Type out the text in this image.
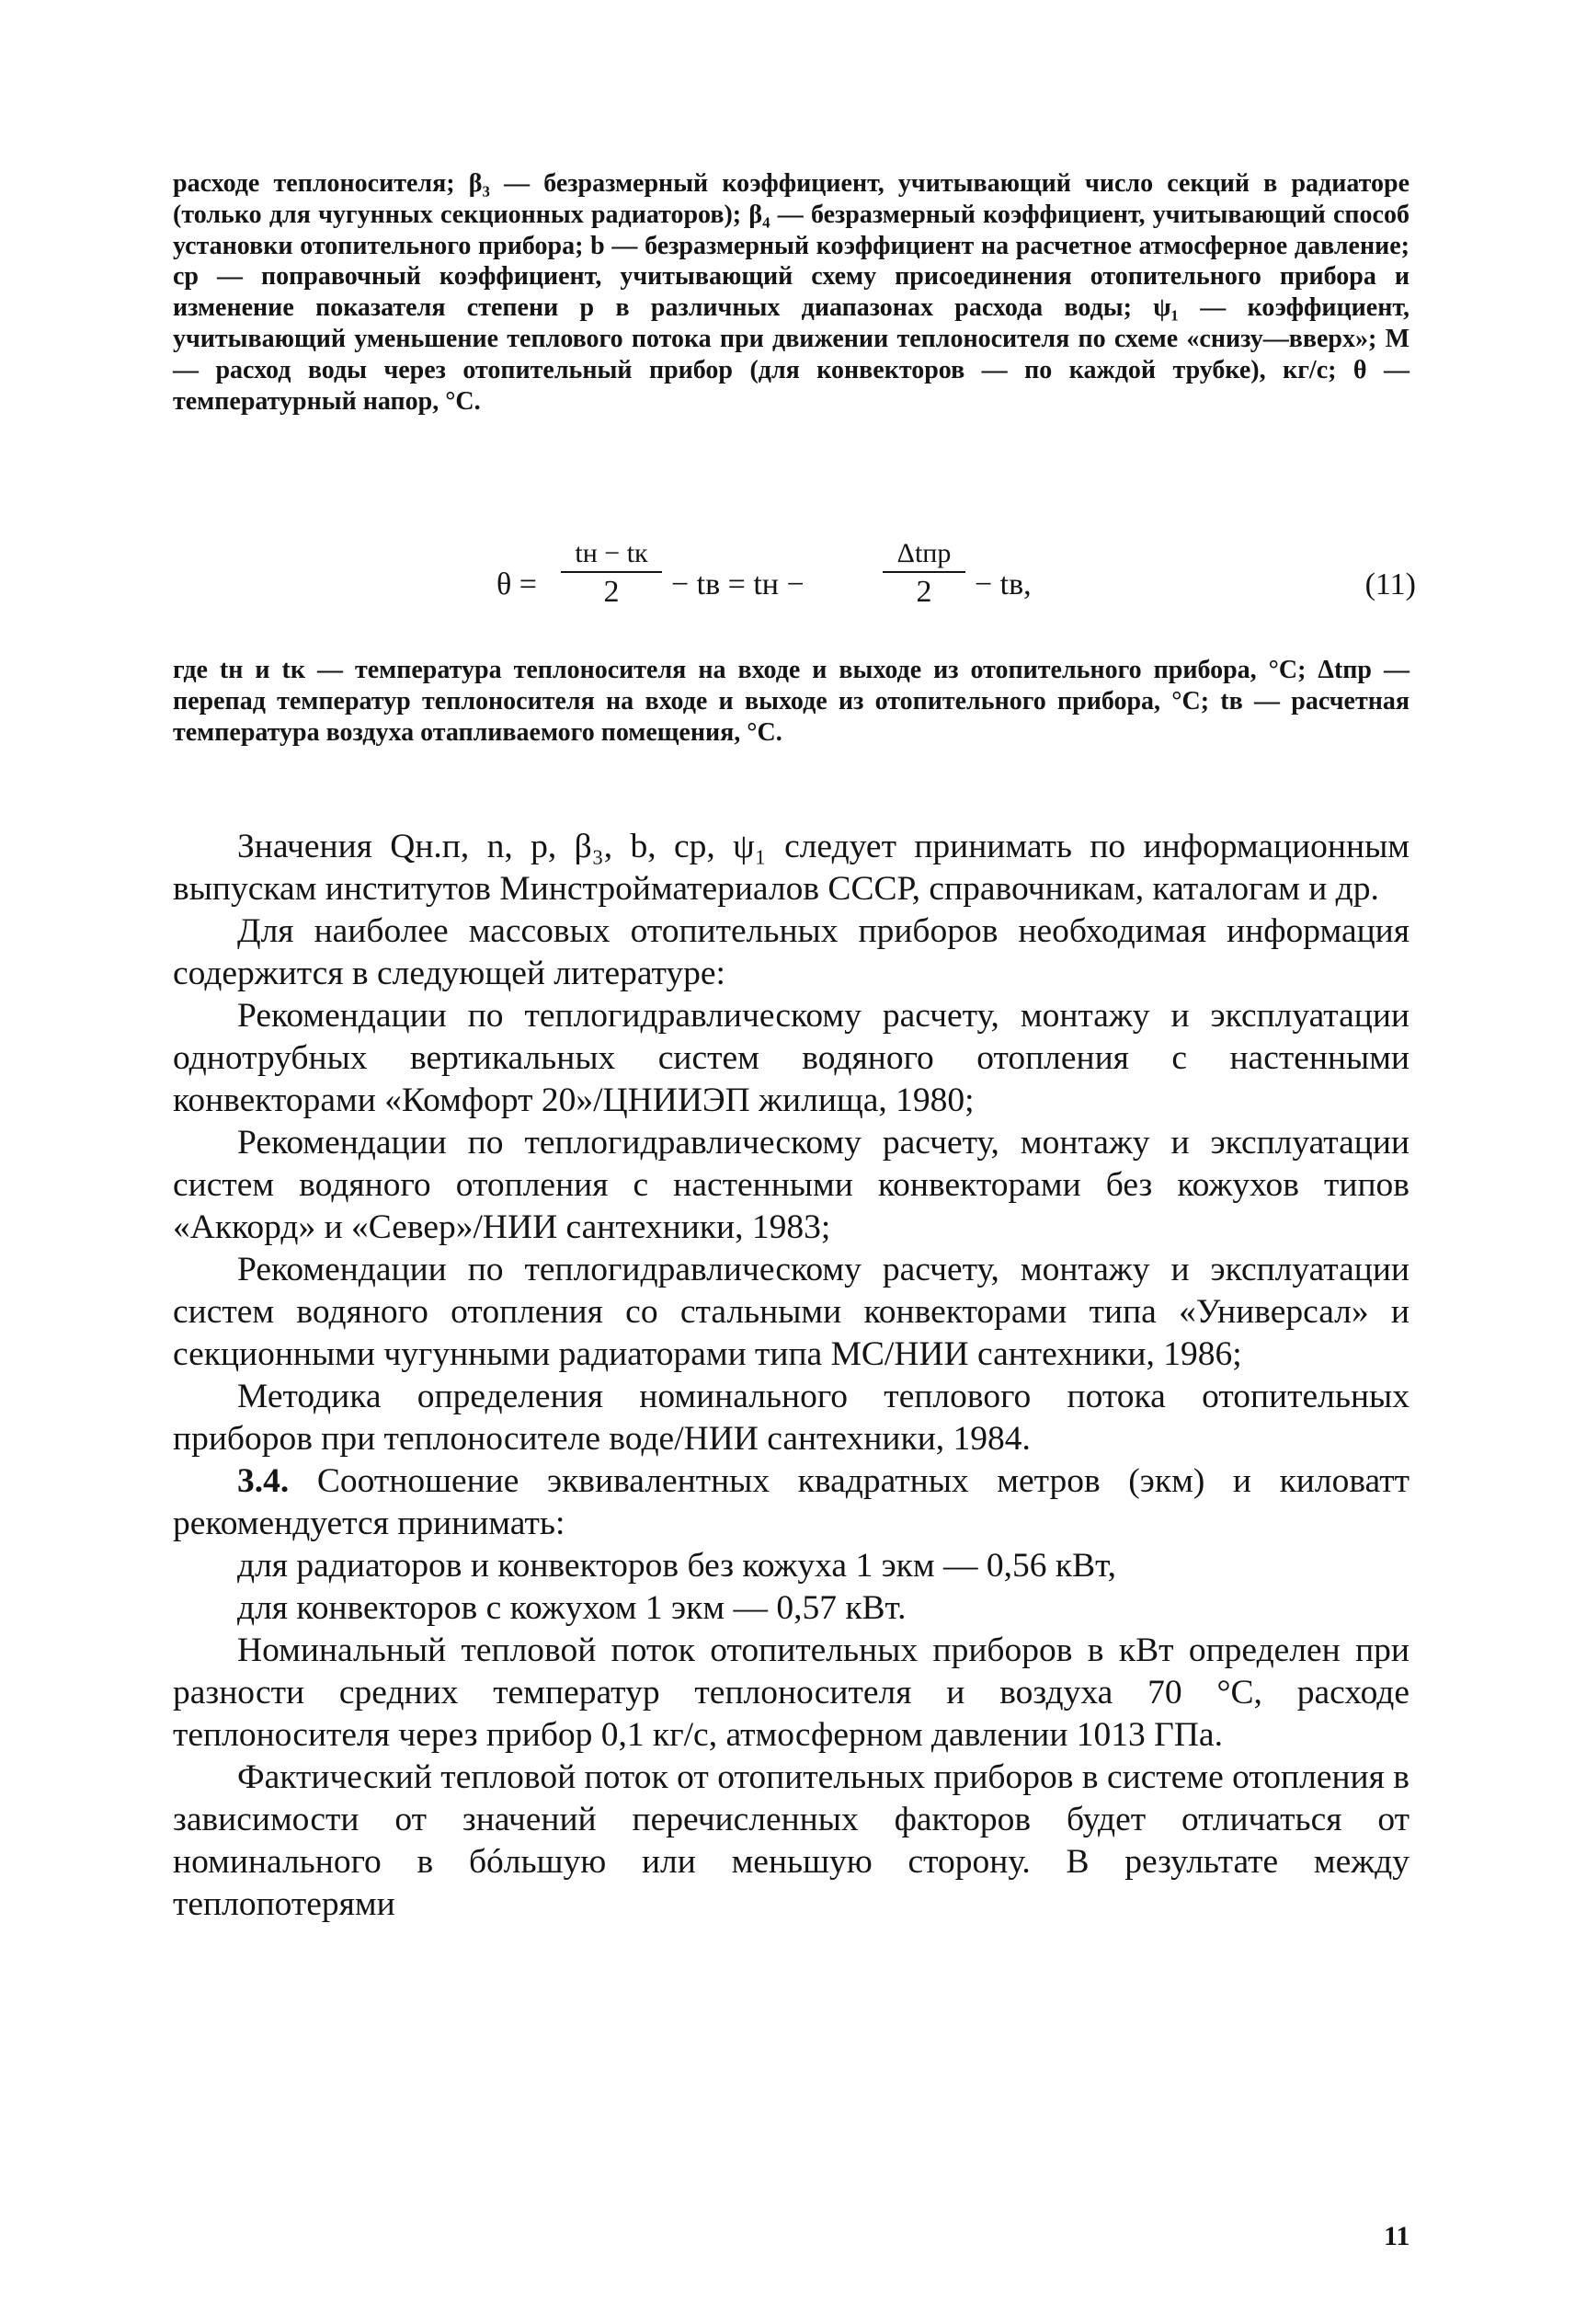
расходе теплоносителя; β₃ — безразмерный коэффициент, учитывающий число секций в радиаторе (только для чугунных секционных радиаторов); β₄ — безразмерный коэффициент, учитывающий способ установки отопительного прибора; b — безразмерный коэффициент на расчетное атмосферное давление; cp — поправочный коэффициент, учитывающий схему присоединения отопительного прибора и изменение показателя степени p в различных диапазонах расхода воды; ψ₁ — коэффициент, учитывающий уменьшение теплового потока при движении теплоносителя по схеме «снизу—вверх»; M — расход воды через отопительный прибор (для конвекторов — по каждой трубке), кг/с; θ — температурный напор, °С.

θ =
tн − tк
2	− tв = tн −
Δtпр
2	− tв,	(11)

где tн и tк — температура теплоносителя на входе и выходе из отопительного прибора, °С; Δtпр — перепад температур теплоносителя на входе и выходе из отопительного прибора, °С; tв — расчетная температура воздуха отапливаемого помещения, °С.

Значения Qн.п, n, p, β₃, b, cp, ψ₁ следует принимать по информационным выпускам институтов Минстройматериалов СССР, справочникам, каталогам и др.

Для наиболее массовых отопительных приборов необходимая информация содержится в следующей литературе:

Рекомендации по теплогидравлическому расчету, монтажу и эксплуатации однотрубных вертикальных систем водяного отопления с настенными конвекторами «Комфорт 20»/ЦНИИЭП жилища, 1980;

Рекомендации по теплогидравлическому расчету, монтажу и эксплуатации систем водяного отопления с настенными конвекторами без кожухов типов «Аккорд» и «Север»/НИИ сантехники, 1983;

Рекомендации по теплогидравлическому расчету, монтажу и эксплуатации систем водяного отопления со стальными конвекторами типа «Универсал» и секционными чугунными радиаторами типа МС/НИИ сантехники, 1986;

Методика определения номинального теплового потока отопительных приборов при теплоносителе воде/НИИ сантехники, 1984.

3.4. Соотношение эквивалентных квадратных метров (экм) и киловатт рекомендуется принимать:

для радиаторов и конвекторов без кожуха 1 экм — 0,56 кВт,

для конвекторов с кожухом 1 экм — 0,57 кВт.

Номинальный тепловой поток отопительных приборов в кВт определен при разности средних температур теплоносителя и воздуха 70 °С, расходе теплоносителя через прибор 0,1 кг/с, атмосферном давлении 1013 ГПа.

Фактический тепловой поток от отопительных приборов в системе отопления в зависимости от значений перечисленных факторов будет отличаться от номинального в бóльшую или меньшую сторону. В результате между теплопотерями

11
